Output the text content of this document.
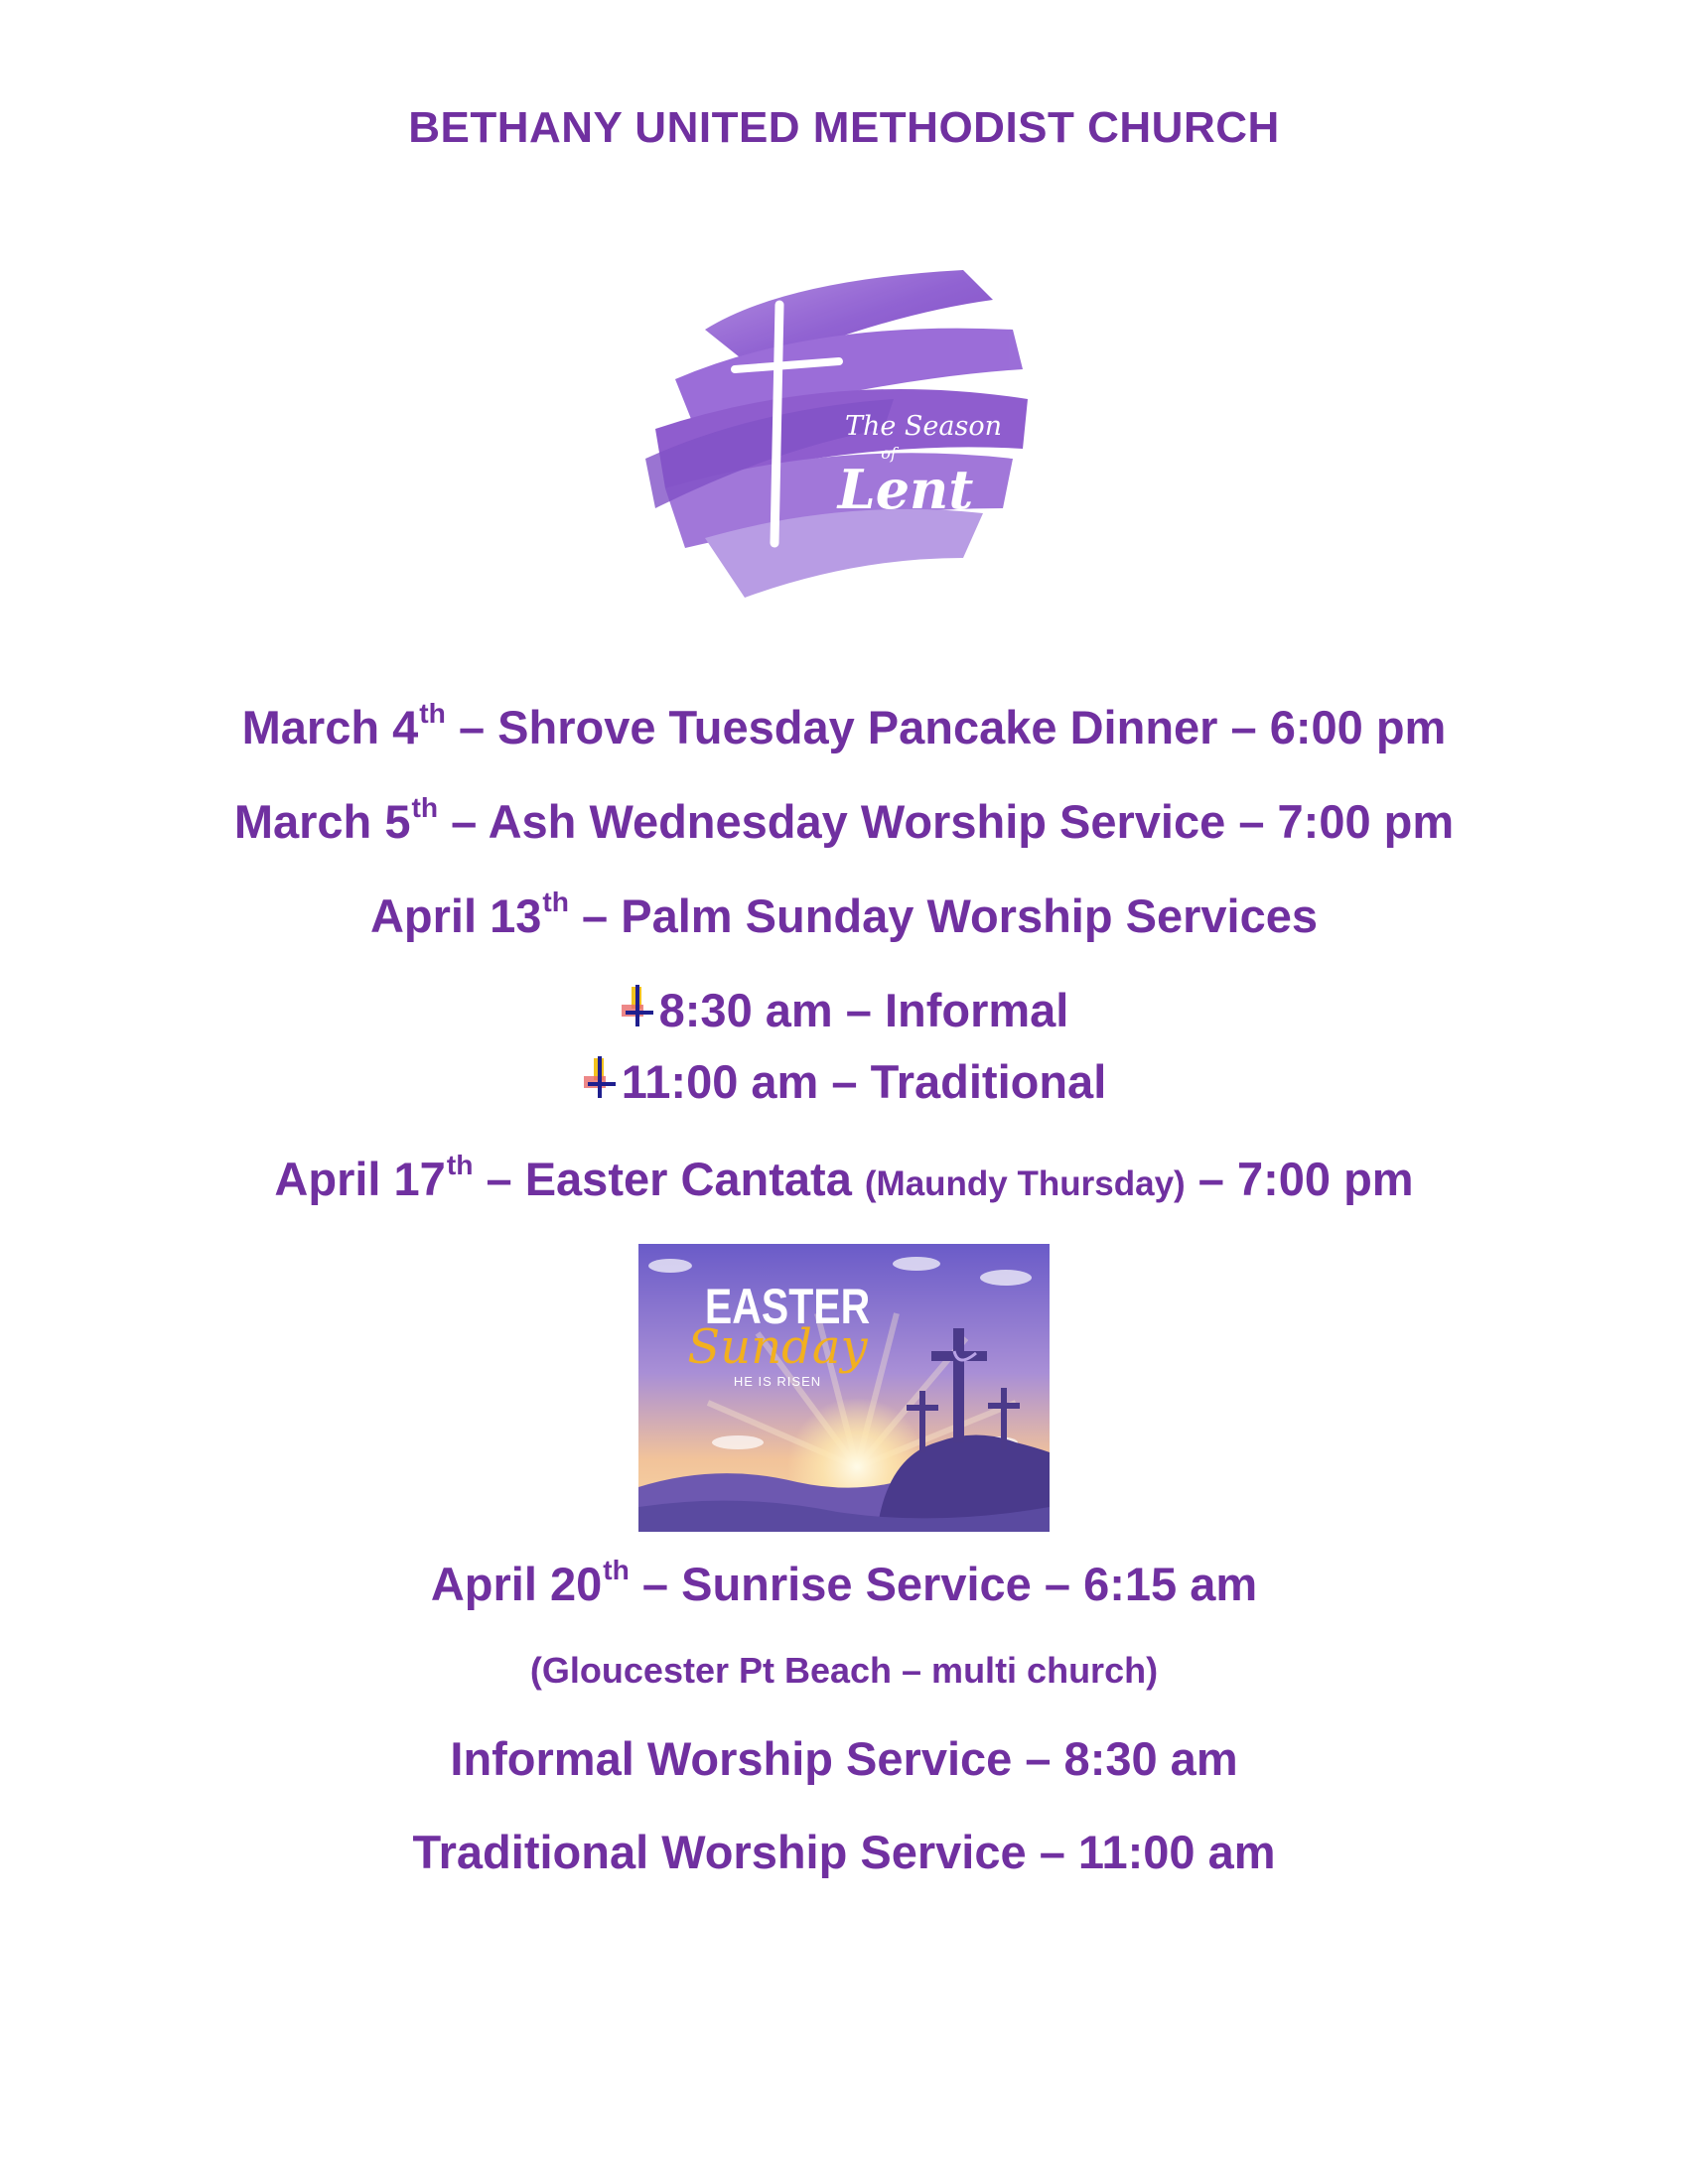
BETHANY UNITED METHODIST CHURCH
The Season
of
Lent
March 4th – Shrove Tuesday Pancake Dinner – 6:00 pm
March 5th – Ash Wednesday Worship Service – 7:00 pm
April 13th – Palm Sunday Worship Services
8:30 am – Informal
11:00 am – Traditional
April 17th – Easter Cantata (Maundy Thursday) – 7:00 pm
EASTER
Sunday
HE IS RISEN
April 20th – Sunrise Service – 6:15 am
(Gloucester Pt Beach – multi church)
Informal Worship Service – 8:30 am
Traditional Worship Service – 11:00 am
